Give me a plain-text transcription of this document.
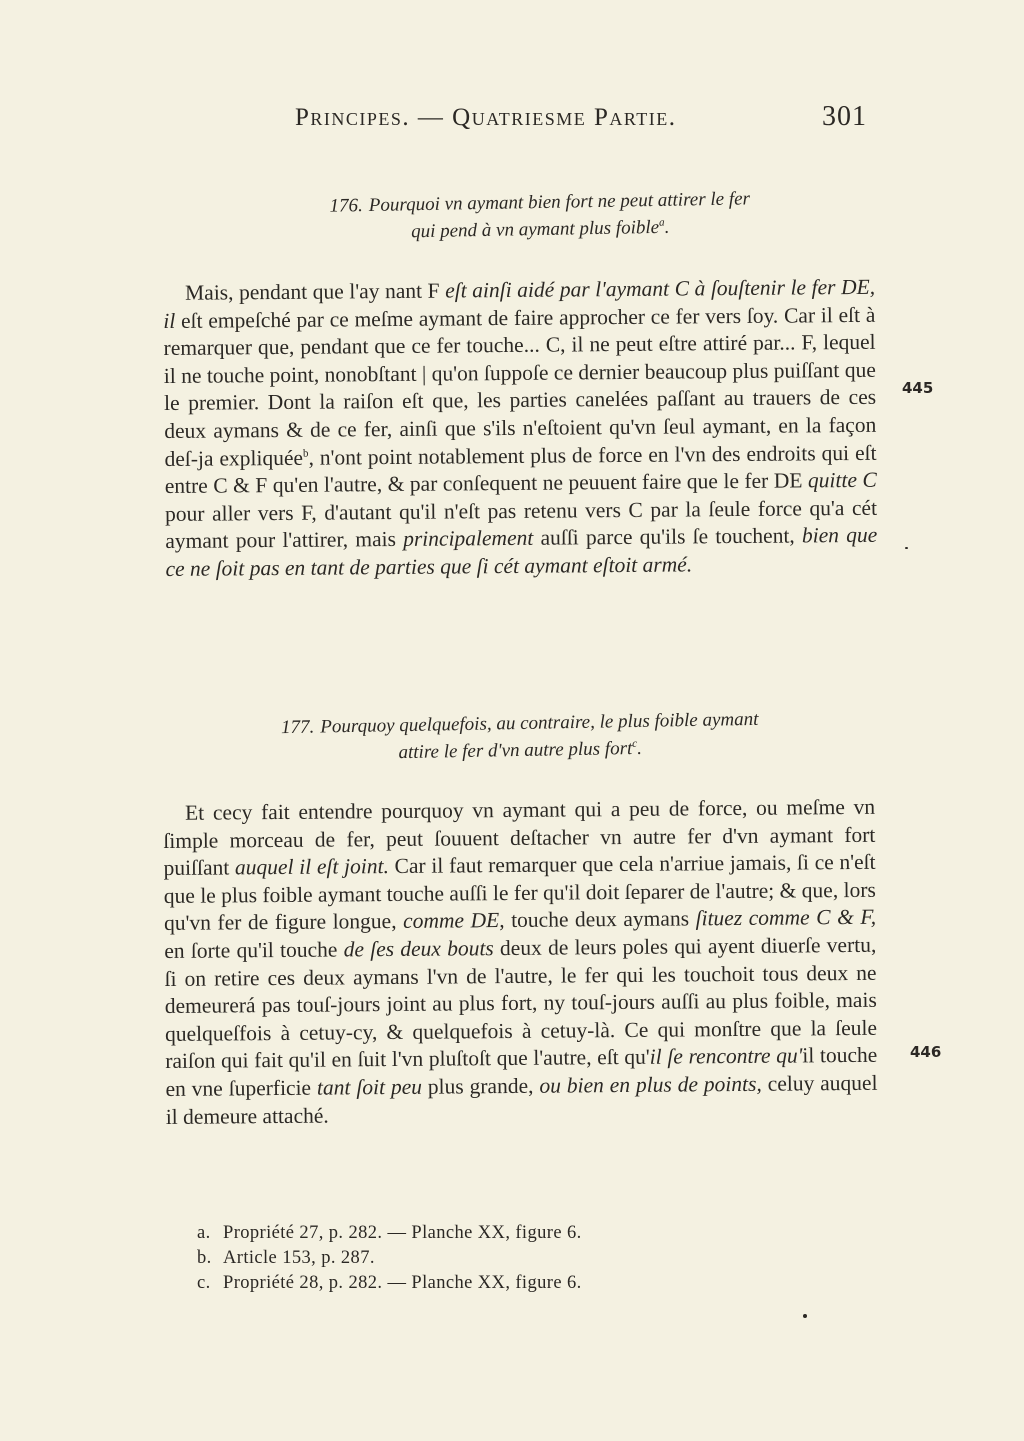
Principes. — Quatriesme Partie.	301
176. Pourquoi vn aymant bien fort ne peut attirer le fer
qui pend à vn aymant plus foible$^a$.
Mais, pendant que l'ay nant F eſt ainſi aidé par l'aymant C à ſouſtenir le fer DE, il eſt empeſché par ce meſme aymant de faire approcher ce fer vers ſoy. Car il eſt à remarquer que, pendant que ce fer touche... C, il ne peut eſtre attiré par... F, lequel il ne touche point, nonobſtant | qu'on ſuppoſe ce dernier beaucoup plus puiſſant que le premier. Dont la raiſon eſt que, les parties canelées paſſant au trauers de ces deux aymans & de ce fer, ainſi que s'ils n'eſtoient qu'vn ſeul aymant, en la façon deſ-ja expliquée$^b$, n'ont point notablement plus de force en l'vn des endroits qui eſt entre C & F qu'en l'autre, & par conſequent ne peuuent faire que le fer DE quitte C pour aller vers F, d'autant qu'il n'eſt pas retenu vers C par la ſeule force qu'a cét aymant pour l'attirer, mais principalement auſſi parce qu'ils ſe touchent, bien que ce ne ſoit pas en tant de parties que ſi cét aymant eſtoit armé.
445
177. Pourquoy quelquefois, au contraire, le plus foible aymant
attire le fer d'vn autre plus fort$^c$.
Et cecy fait entendre pourquoy vn aymant qui a peu de force, ou meſme vn ſimple morceau de fer, peut ſouuent deſtacher vn autre fer d'vn aymant fort puiſſant auquel il eſt joint. Car il faut remarquer que cela n'arriue jamais, ſi ce n'eſt que le plus foible aymant touche auſſi le fer qu'il doit ſeparer de l'autre; & que, lors qu'vn fer de figure longue, comme DE, touche deux aymans ſituez comme C & F, en ſorte qu'il touche de ſes deux bouts deux de leurs poles qui ayent diuerſe vertu, ſi on retire ces deux aymans l'vn de l'autre, le fer qui les touchoit tous deux ne demeurerá pas touſ-jours joint au plus fort, ny touſ-jours auſſi au plus foible, mais quelqueſfois à cetuy-cy, & quelquefois à cetuy-là. Ce qui monſtre que la ſeule raiſon qui fait qu'il en ſuit l'vn pluſtoſt que l'autre, eſt qu'il ſe rencontre qu'il touche en vne ſuperficie tant ſoit peu plus grande, ou bien en plus de points, celuy auquel il demeure attaché.
446
a. Propriété 27, p. 282. — Planche XX, figure 6.
b. Article 153, p. 287.
c. Propriété 28, p. 282. — Planche XX, figure 6.
